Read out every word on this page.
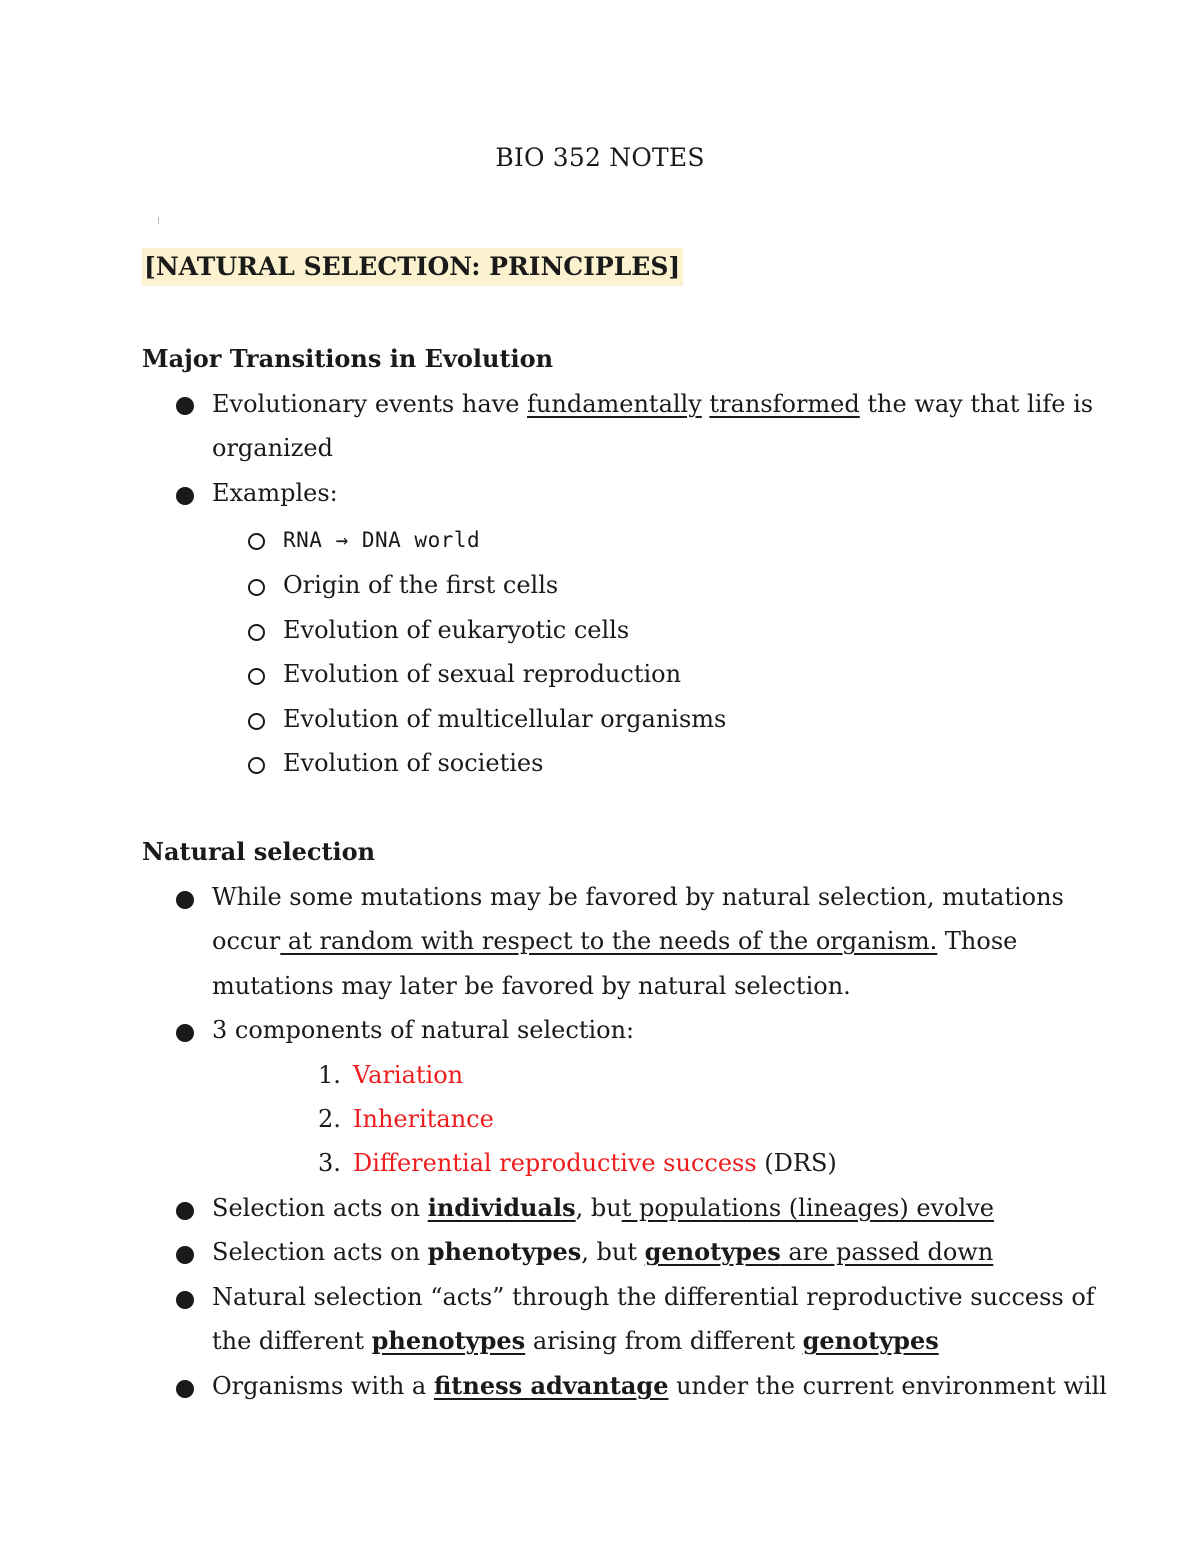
BIO 352 NOTES
[NATURAL SELECTION: PRINCIPLES]
Major Transitions in Evolution
Evolutionary events have fundamentally transformed the way that life is
organized
Examples:
RNA → DNA world
Origin of the first cells
Evolution of eukaryotic cells
Evolution of sexual reproduction
Evolution of multicellular organisms
Evolution of societies
Natural selection
While some mutations may be favored by natural selection, mutations
occur at random with respect to the needs of the organism. Those
mutations may later be favored by natural selection.
3 components of natural selection:
1. Variation
2. Inheritance
3. Differential reproductive success (DRS)
Selection acts on individuals, but populations (lineages) evolve
Selection acts on phenotypes, but genotypes are passed down
Natural selection “acts” through the differential reproductive success of
the different phenotypes arising from different genotypes
Organisms with a fitness advantage under the current environment will
